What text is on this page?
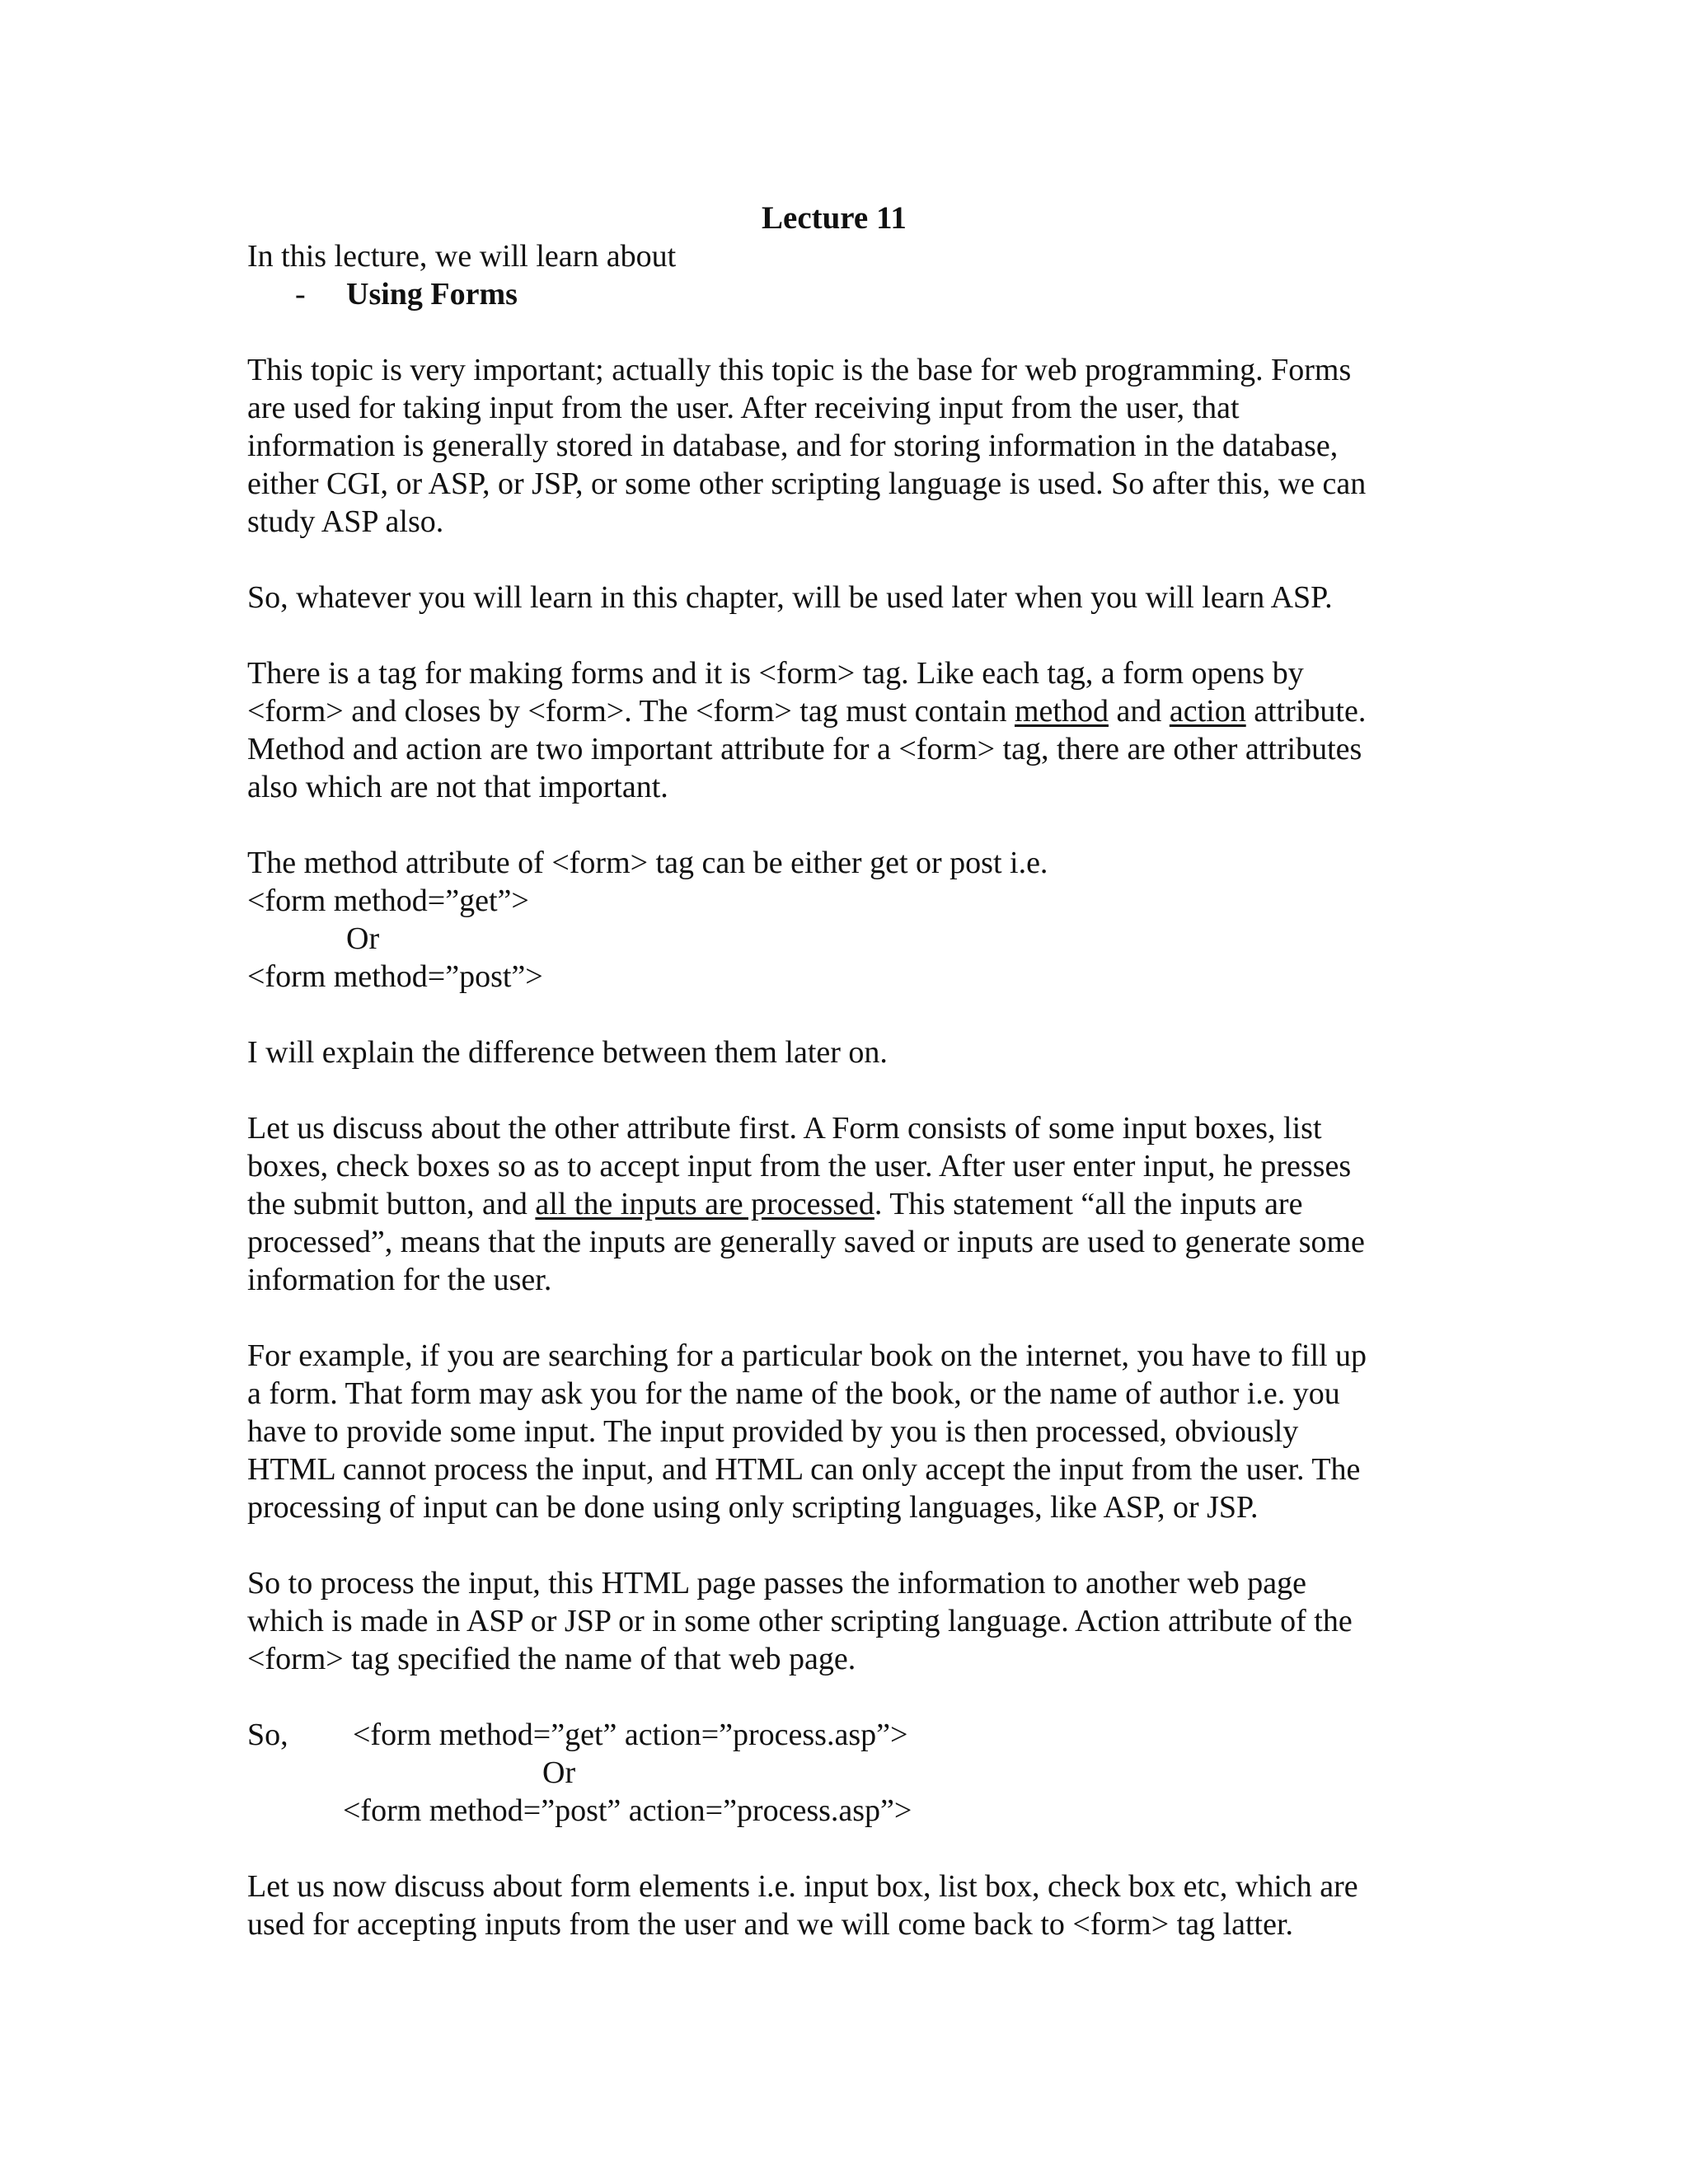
Lecture 11
In this lecture, we will learn about
- Using Forms
This topic is very important; actually this topic is the base for web programming. Forms
are used for taking input from the user. After receiving input from the user, that
information is generally stored in database, and for storing information in the database,
either CGI, or ASP, or JSP, or some other scripting language is used. So after this, we can
study ASP also.
So, whatever you will learn in this chapter, will be used later when you will learn ASP.
There is a tag for making forms and it is <form> tag. Like each tag, a form opens by
<form> and closes by <form>. The <form> tag must contain method and action attribute.
Method and action are two important attribute for a <form> tag, there are other attributes
also which are not that important.
The method attribute of <form> tag can be either get or post i.e.
<form method=”get”>
Or
<form method=”post”>
I will explain the difference between them later on.
Let us discuss about the other attribute first. A Form consists of some input boxes, list
boxes, check boxes so as to accept input from the user. After user enter input, he presses
the submit button, and all the inputs are processed. This statement “all the inputs are
processed”, means that the inputs are generally saved or inputs are used to generate some
information for the user.
For example, if you are searching for a particular book on the internet, you have to fill up
a form. That form may ask you for the name of the book, or the name of author i.e. you
have to provide some input. The input provided by you is then processed, obviously
HTML cannot process the input, and HTML can only accept the input from the user. The
processing of input can be done using only scripting languages, like ASP, or JSP.
So to process the input, this HTML page passes the information to another web page
which is made in ASP or JSP or in some other scripting language. Action attribute of the
<form> tag specified the name of that web page.
So, <form method=”get” action=”process.asp”>
Or
<form method=”post” action=”process.asp”>
Let us now discuss about form elements i.e. input box, list box, check box etc, which are
used for accepting inputs from the user and we will come back to <form> tag latter.
